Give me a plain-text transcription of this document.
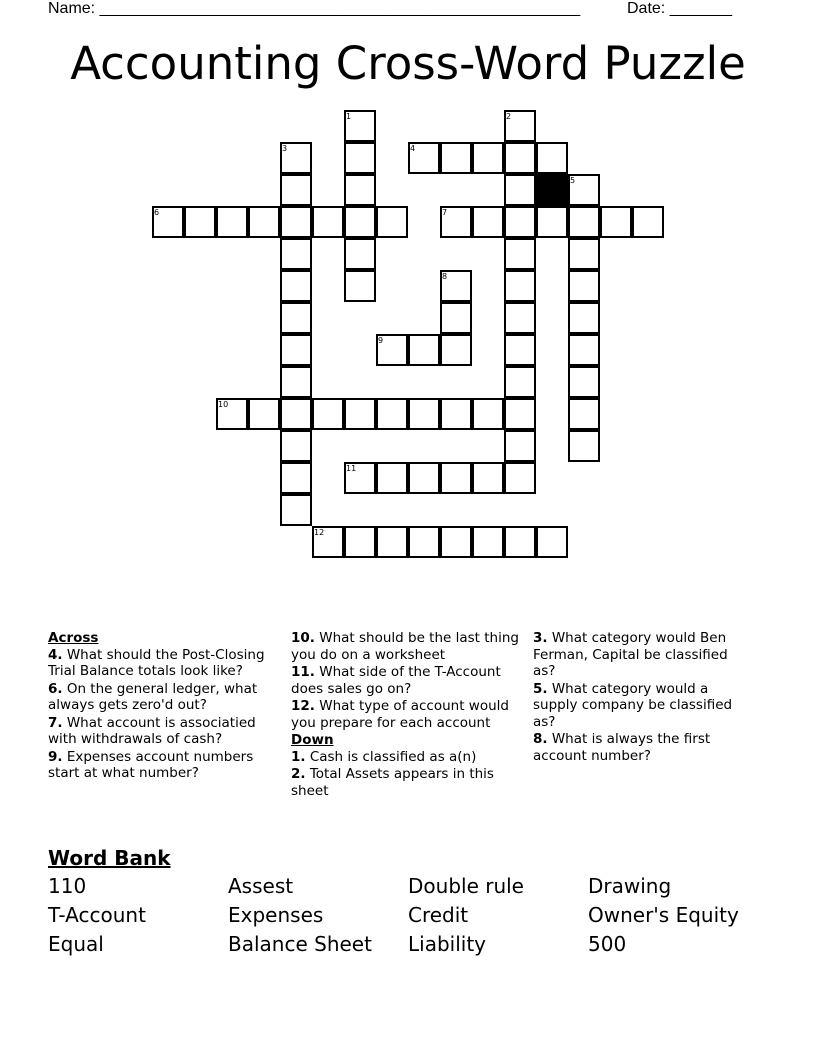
Name: ______________________________________________________	Date: _______
Accounting Cross-Word Puzzle
1	2
3	4
5
6	7
8
9
10
11
12
Across
4. What should the Post-Closing Trial Balance totals look like?
6. On the general ledger, what always gets zero'd out?
7. What account is associatied with withdrawals of cash?
9. Expenses account numbers start at what number?
10. What should be the last thing you do on a worksheet
11. What side of the T-Account does sales go on?
12. What type of account would you prepare for each account
Down
1. Cash is classified as a(n)
2. Total Assets appears in this sheet
3. What category would Ben Ferman, Capital be classified as?
5. What category would a supply company be classified as?
8. What is always the first account number?
Word Bank
110	Assest	Double rule	Drawing
T-Account	Expenses	Credit	Owner's Equity
Equal	Balance Sheet	Liability	500
